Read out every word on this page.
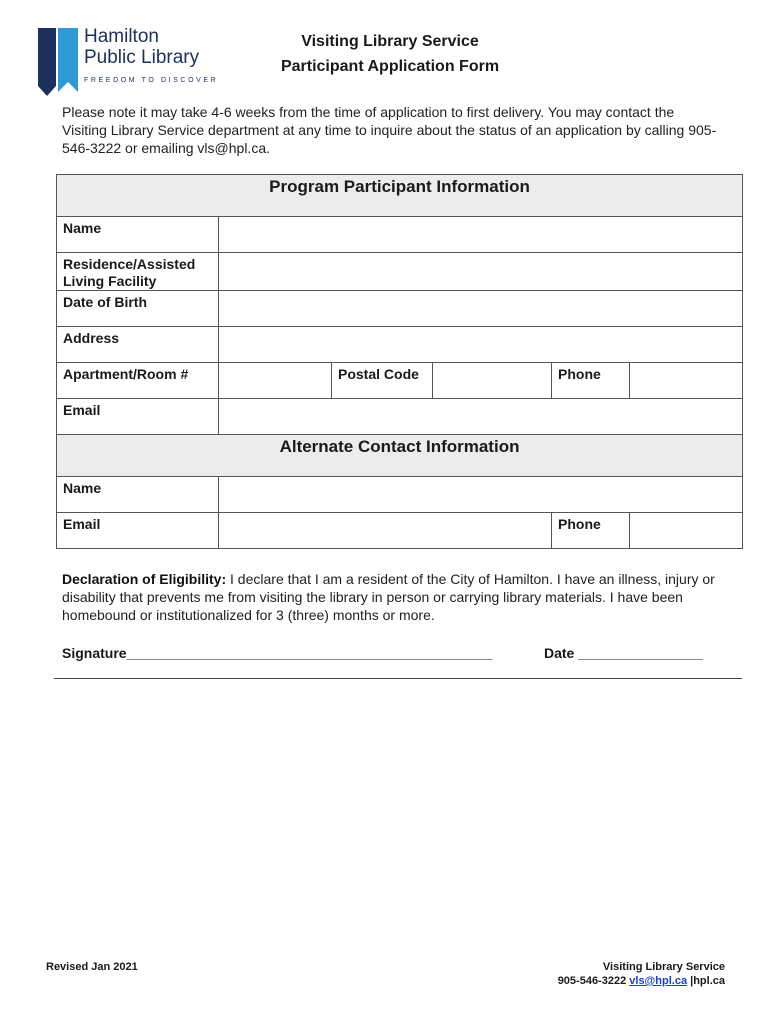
Hamilton
Public Library
FREEDOM TO DISCOVER
Visiting Library Service
Participant Application Form
Please note it may take 4-6 weeks from the time of application to first delivery. You may contact the Visiting Library Service department at any time to inquire about the status of an application by calling 905-546-3222 or emailing vls@hpl.ca.
Program Participant Information					

Name					
Residence/Assisted Living Facility					
Date of Birth					
Address					
Apartment/Room #		Postal Code		Phone	
Email					

Alternate Contact Information					

Name					
Email				Phone	
Declaration of Eligibility: I declare that I am a resident of the City of Hamilton. I have an illness, injury or disability that prevents me from visiting the library in person or carrying library materials. I have been homebound or institutionalized for 3 (three) months or more.
Signature_______________________________________________	Date ________________
Revised Jan 2021	Visiting Library Service
905-546-3222 vls@hpl.ca |hpl.ca
